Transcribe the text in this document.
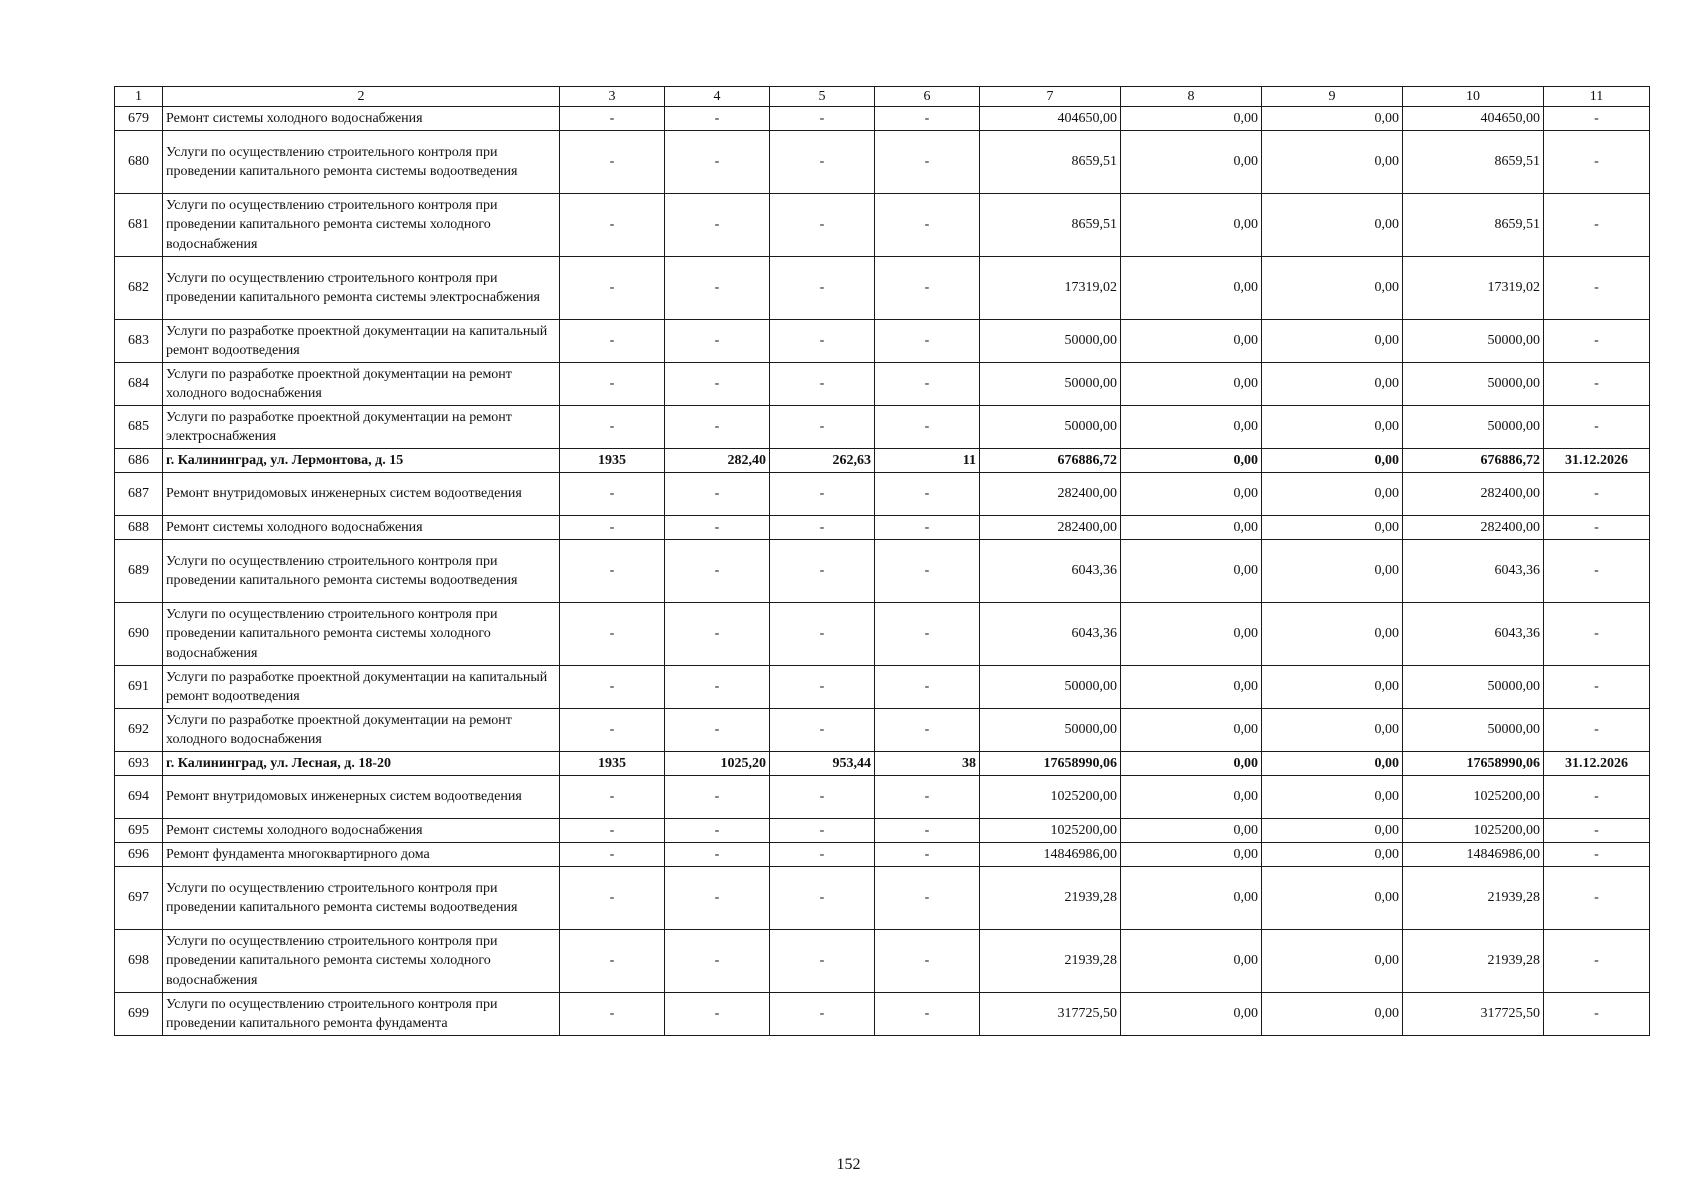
1	2	3	4	5	6	7	8	9	10	11
679	Ремонт системы холодного водоснабжения	-	-	-	-	404650,00	0,00	0,00	404650,00	-
680	Услуги по осуществлению строительного контроля при проведении капитального ремонта системы водоотведения	-	-	-	-	8659,51	0,00	0,00	8659,51	-
681	Услуги по осуществлению строительного контроля при проведении капитального ремонта системы холодного водоснабжения	-	-	-	-	8659,51	0,00	0,00	8659,51	-
682	Услуги по осуществлению строительного контроля при проведении капитального ремонта системы электроснабжения	-	-	-	-	17319,02	0,00	0,00	17319,02	-
683	Услуги по разработке проектной документации на капитальный ремонт водоотведения	-	-	-	-	50000,00	0,00	0,00	50000,00	-
684	Услуги по разработке проектной документации на ремонт холодного водоснабжения	-	-	-	-	50000,00	0,00	0,00	50000,00	-
685	Услуги по разработке проектной документации на ремонт электроснабжения	-	-	-	-	50000,00	0,00	0,00	50000,00	-
686	г. Калининград, ул. Лермонтова, д. 15	1935	282,40	262,63	11	676886,72	0,00	0,00	676886,72	31.12.2026
687	Ремонт внутридомовых инженерных систем водоотведения	-	-	-	-	282400,00	0,00	0,00	282400,00	-
688	Ремонт системы холодного водоснабжения	-	-	-	-	282400,00	0,00	0,00	282400,00	-
689	Услуги по осуществлению строительного контроля при проведении капитального ремонта системы водоотведения	-	-	-	-	6043,36	0,00	0,00	6043,36	-
690	Услуги по осуществлению строительного контроля при проведении капитального ремонта системы холодного водоснабжения	-	-	-	-	6043,36	0,00	0,00	6043,36	-
691	Услуги по разработке проектной документации на капитальный ремонт водоотведения	-	-	-	-	50000,00	0,00	0,00	50000,00	-
692	Услуги по разработке проектной документации на ремонт холодного водоснабжения	-	-	-	-	50000,00	0,00	0,00	50000,00	-
693	г. Калининград, ул. Лесная, д. 18-20	1935	1025,20	953,44	38	17658990,06	0,00	0,00	17658990,06	31.12.2026
694	Ремонт внутридомовых инженерных систем водоотведения	-	-	-	-	1025200,00	0,00	0,00	1025200,00	-
695	Ремонт системы холодного водоснабжения	-	-	-	-	1025200,00	0,00	0,00	1025200,00	-
696	Ремонт фундамента многоквартирного дома	-	-	-	-	14846986,00	0,00	0,00	14846986,00	-
697	Услуги по осуществлению строительного контроля при проведении капитального ремонта системы водоотведения	-	-	-	-	21939,28	0,00	0,00	21939,28	-
698	Услуги по осуществлению строительного контроля при проведении капитального ремонта системы холодного водоснабжения	-	-	-	-	21939,28	0,00	0,00	21939,28	-
699	Услуги по осуществлению строительного контроля при проведении капитального ремонта фундамента	-	-	-	-	317725,50	0,00	0,00	317725,50	-
152
